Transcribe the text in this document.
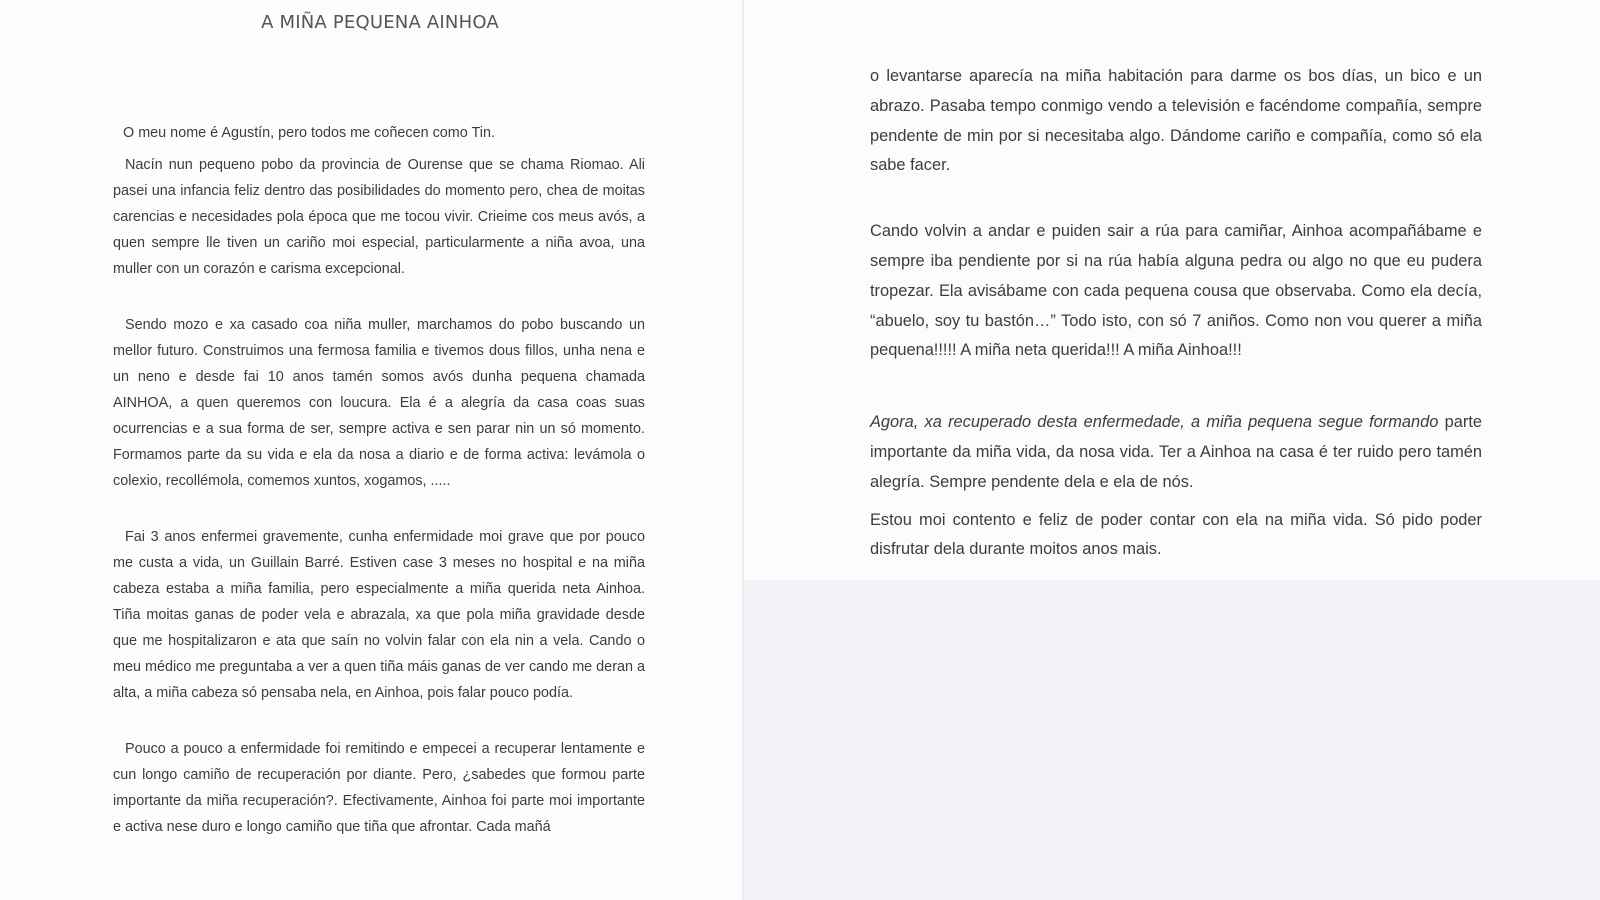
A MIÑA PEQUENA AINHOA

O meu nome é Agustín, pero todos me coñecen como Tin.

Nacín nun pequeno pobo da provincia de Ourense que se chama Riomao. Ali pasei una infancia feliz dentro das posibilidades do momento pero, chea de moitas carencias e necesidades pola época que me tocou vivir. Crieime cos meus avós, a quen sempre lle tiven un cariño moi especial, particularmente a niña avoa, una muller con un corazón e carisma excepcional.

Sendo mozo e xa casado coa niña muller, marchamos do pobo buscando un mellor futuro. Construimos una fermosa familia e tivemos dous fillos, unha nena e un neno e desde fai 10 anos tamén somos avós dunha pequena chamada AINHOA, a quen queremos con loucura. Ela é a alegría da casa coas suas ocurrencias e a sua forma de ser, sempre activa e sen parar nin un só momento. Formamos parte da su vida e ela da nosa a diario e de forma activa: levámola o colexio, recollémola, comemos xuntos, xogamos, .....

Fai 3 anos enfermei gravemente, cunha enfermidade moi grave que por pouco me custa a vida, un Guillain Barré. Estiven case 3 meses no hospital e na miña cabeza estaba a miña familia, pero especialmente a miña querida neta Ainhoa. Tiña moitas ganas de poder vela e abrazala, xa que pola miña gravidade desde que me hospitalizaron e ata que saín no volvin falar con ela nin a vela. Cando o meu médico me preguntaba a ver a quen tiña máis ganas de ver cando me deran a alta, a miña cabeza só pensaba nela, en Ainhoa, pois falar pouco podía.

Pouco a pouco a enfermidade foi remitindo e empecei a recuperar lentamente e cun longo camiño de recuperación por diante. Pero, ¿sabedes que formou parte importante da miña recuperación?. Efectivamente, Ainhoa foi parte moi importante e activa nese duro e longo camiño que tiña que afrontar. Cada mañá

o levantarse aparecía na miña habitación para darme os bos días, un bico e un abrazo. Pasaba tempo conmigo vendo a televisión e facéndome compañía, sempre pendente de min por si necesitaba algo. Dándome cariño e compañía, como só ela sabe facer.

Cando volvin a andar e puiden sair a rúa para camiñar, Ainhoa acompañábame e sempre iba pendiente por si na rúa había alguna pedra ou algo no que eu pudera tropezar. Ela avisábame con cada pequena cousa que observaba. Como ela decía, “abuelo, soy tu bastón…” Todo isto, con só 7 aniños. Como non vou querer a miña pequena!!!!! A miña neta querida!!! A miña Ainhoa!!!

Agora, xa recuperado desta enfermedade, a miña pequena segue formando parte importante da miña vida, da nosa vida. Ter a Ainhoa na casa é ter ruido pero tamén alegría. Sempre pendente dela e ela de nós.

Estou moi contento e feliz de poder contar con ela na miña vida. Só pido poder disfrutar dela durante moitos anos mais.
